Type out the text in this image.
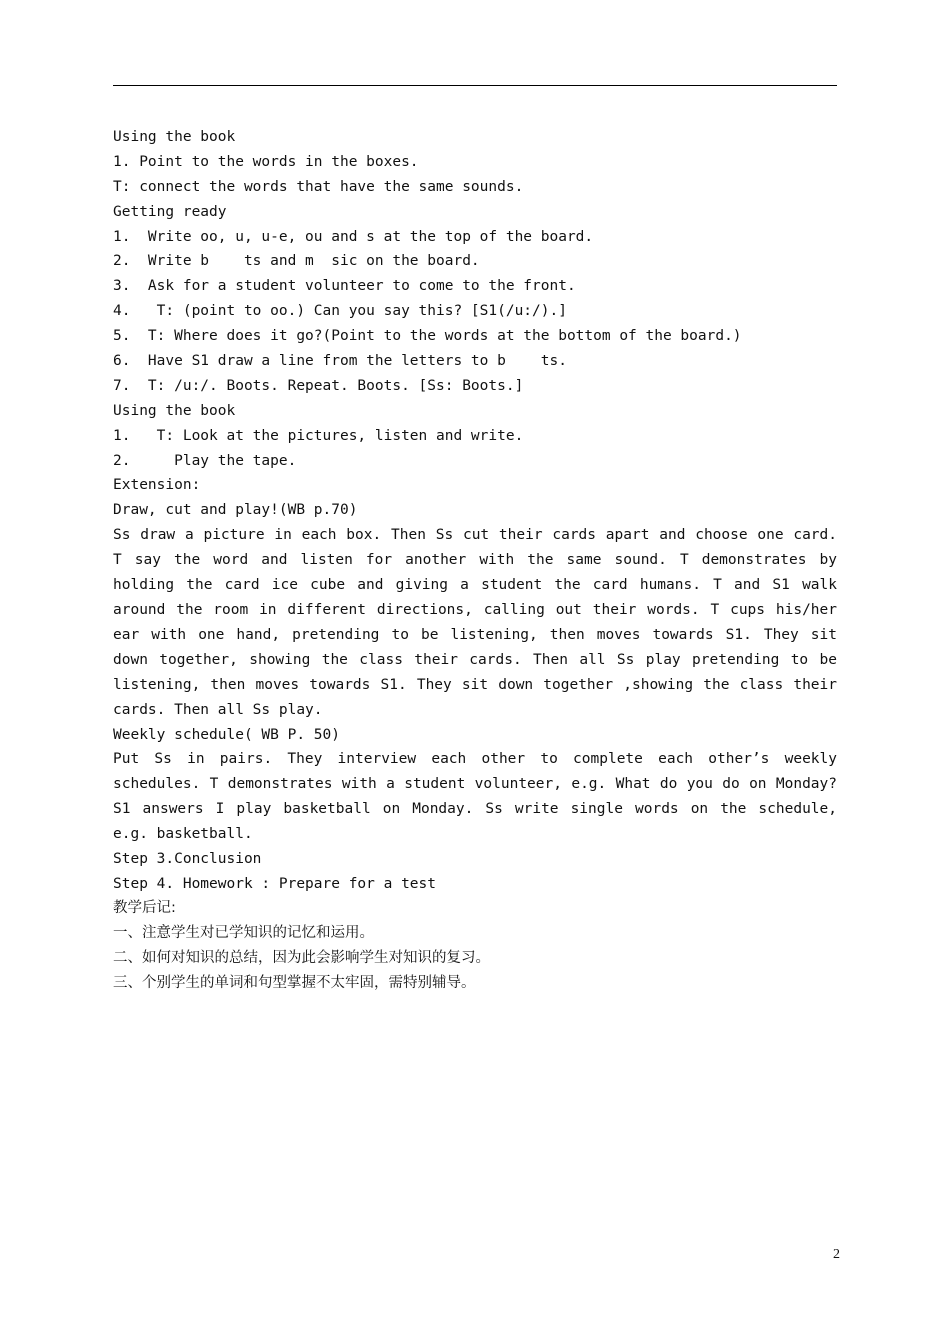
Using the book
1. Point to the words in the boxes.
T: connect the words that have the same sounds.
Getting ready
1.  Write oo, u, u-e, ou and s at the top of the board.
2.  Write b    ts and m  sic on the board.
3.  Ask for a student volunteer to come to the front.
4.   T: (point to oo.) Can you say this? [S1(/u:/).]
5.  T: Where does it go?(Point to the words at the bottom of the board.)
6.  Have S1 draw a line from the letters to b    ts.
7.  T: /u:/. Boots. Repeat. Boots. [Ss: Boots.]
Using the book
1.   T: Look at the pictures, listen and write.
2.     Play the tape.
Extension:
Draw, cut and play!(WB p.70)

Ss draw a picture in each box. Then Ss cut their cards apart and choose one card. T say the word and listen for another with the same sound. T demonstrates by holding the card ice cube and giving a student the card humans. T and S1 walk around the room in different directions, calling out their words. T cups his/her ear with one hand, pretending to be listening, then moves towards S1. They sit down together, showing the class their cards. Then all Ss play pretending to be listening, then moves towards S1. They sit down together ,showing the class their cards. Then all Ss play.

Weekly schedule( WB P. 50)

Put Ss in pairs. They interview each other to complete each other’s weekly schedules. T demonstrates with a student volunteer, e.g. What do you do on Monday?S1 answers I play basketball on Monday. Ss write single words on the schedule, e.g. basketball.

Step 3.Conclusion
Step 4. Homework : Prepare for a test
教学后记:
一、注意学生对已学知识的记忆和运用。
二、如何对知识的总结，因为此会影响学生对知识的复习。
三、个别学生的单词和句型掌握不太牢固，需特别辅导。
2
